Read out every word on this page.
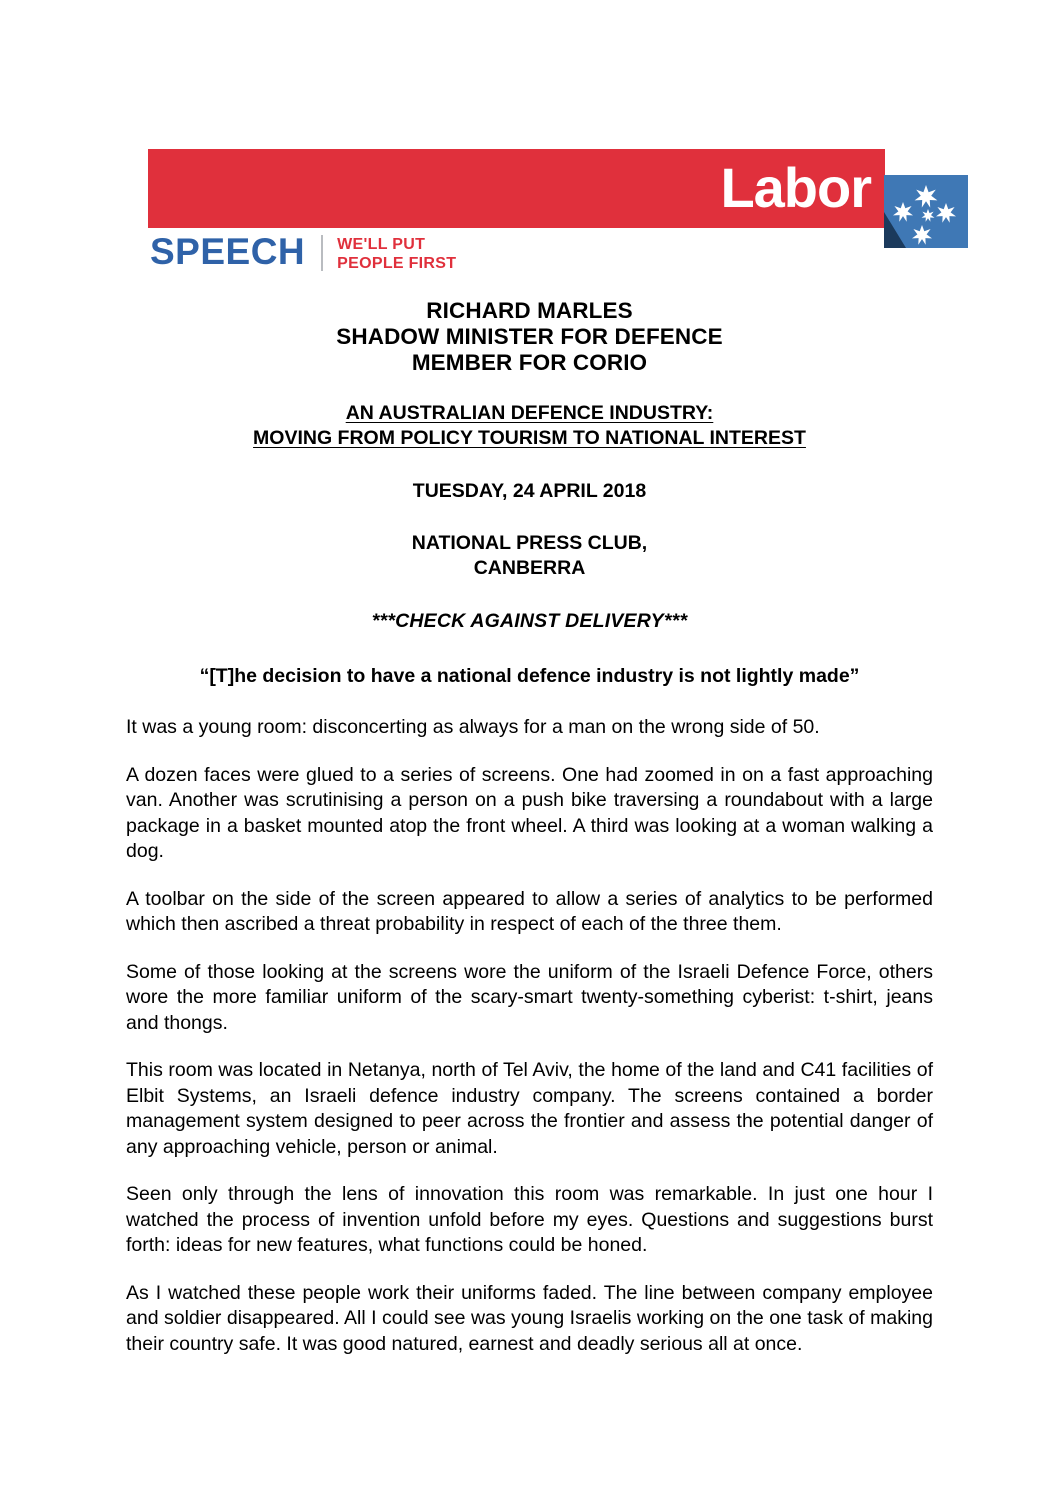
Labor
SPEECH WE'LL PUT
PEOPLE FIRST
RICHARD MARLES
SHADOW MINISTER FOR DEFENCE
MEMBER FOR CORIO
AN AUSTRALIAN DEFENCE INDUSTRY:
MOVING FROM POLICY TOURISM TO NATIONAL INTEREST
TUESDAY, 24 APRIL 2018
NATIONAL PRESS CLUB,
CANBERRA
***CHECK AGAINST DELIVERY***
“[T]he decision to have a national defence industry is not lightly made”

It was a young room: disconcerting as always for a man on the wrong side of 50.

A dozen faces were glued to a series of screens. One had zoomed in on a fast approaching van. Another was scrutinising a person on a push bike traversing a roundabout with a large package in a basket mounted atop the front wheel. A third was looking at a woman walking a dog.

A toolbar on the side of the screen appeared to allow a series of analytics to be performed which then ascribed a threat probability in respect of each of the three them.

Some of those looking at the screens wore the uniform of the Israeli Defence Force, others wore the more familiar uniform of the scary-smart twenty-something cyberist: t-shirt, jeans and thongs.

This room was located in Netanya, north of Tel Aviv, the home of the land and C41 facilities of Elbit Systems, an Israeli defence industry company. The screens contained a border management system designed to peer across the frontier and assess the potential danger of any approaching vehicle, person or animal.

Seen only through the lens of innovation this room was remarkable. In just one hour I watched the process of invention unfold before my eyes. Questions and suggestions burst forth: ideas for new features, what functions could be honed.

As I watched these people work their uniforms faded. The line between company employee and soldier disappeared. All I could see was young Israelis working on the one task of making their country safe. It was good natured, earnest and deadly serious all at once.
